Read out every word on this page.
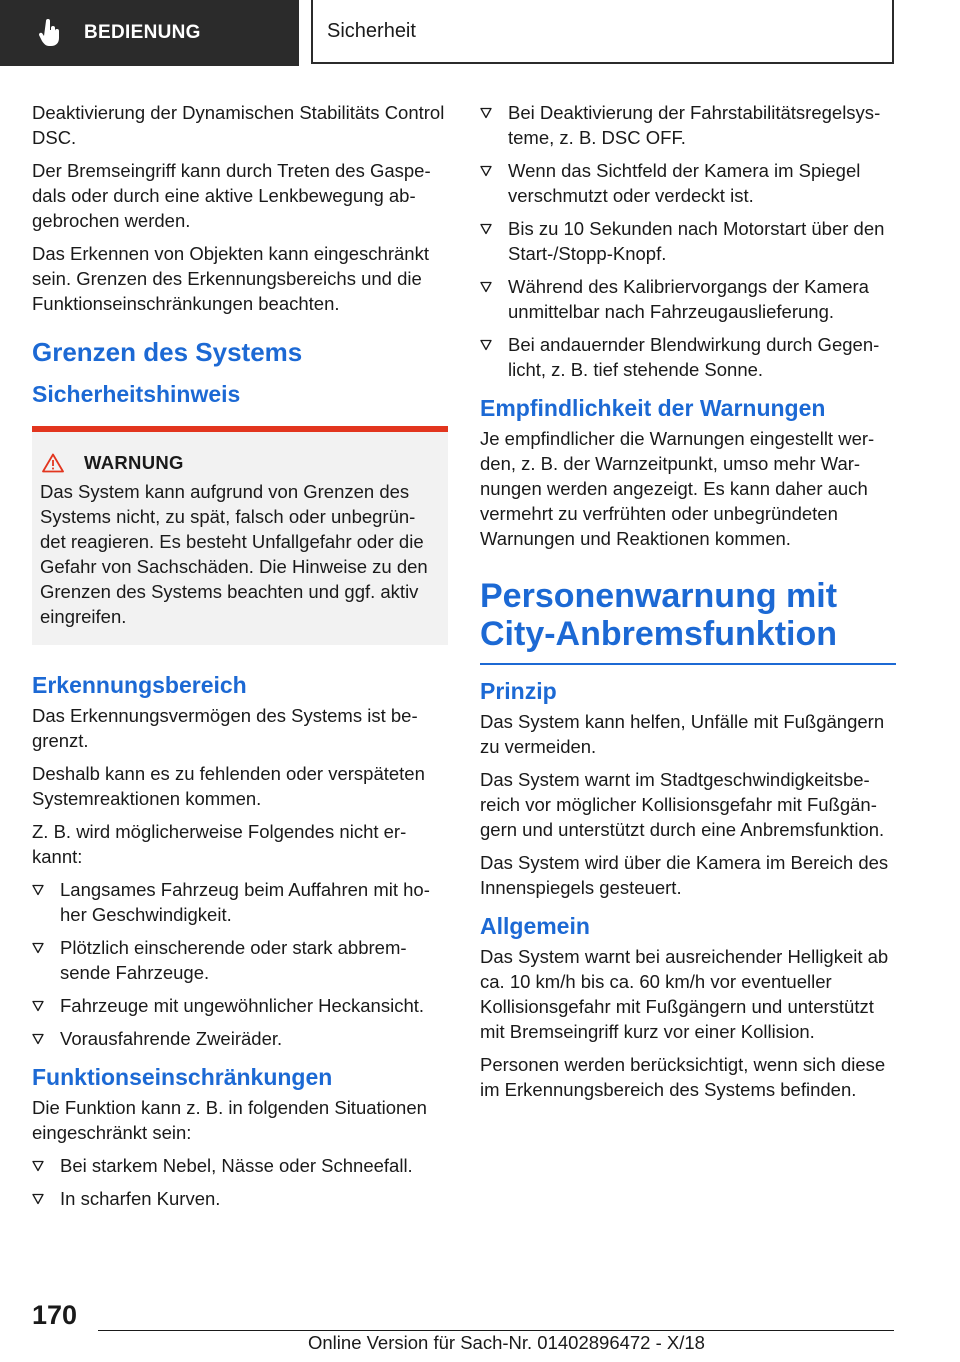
BEDIENUNG	Sicherheit

Deaktivierung der Dynamischen Stabilitäts Control DSC.

Der Bremseingriff kann durch Treten des Gaspedals oder durch eine aktive Lenkbewegung abgebrochen werden.

Das Erkennen von Objekten kann eingeschränkt sein. Grenzen des Erkennungsbereichs und die Funktionseinschränkungen beachten.

Grenzen des Systems
Sicherheitshinweis
WARNUNG

Das System kann aufgrund von Grenzen des Systems nicht, zu spät, falsch oder unbegründet reagieren. Es besteht Unfallgefahr oder die Gefahr von Sachschäden. Die Hinweise zu den Grenzen des Systems beachten und ggf. aktiv eingreifen.

Erkennungsbereich

Das Erkennungsvermögen des Systems ist begrenzt.

Deshalb kann es zu fehlenden oder verspäteten Systemreaktionen kommen.

Z. B. wird möglicherweise Folgendes nicht erkannt:

Langsames Fahrzeug beim Auffahren mit hoher Geschwindigkeit.
Plötzlich einscherende oder stark abbremsende Fahrzeuge.
Fahrzeuge mit ungewöhnlicher Heckansicht.
Vorausfahrende Zweiräder.
Funktionseinschränkungen

Die Funktion kann z. B. in folgenden Situationen eingeschränkt sein:

Bei starkem Nebel, Nässe oder Schneefall.
In scharfen Kurven.
Bei Deaktivierung der Fahrstabilitätsregelsysteme, z. B. DSC OFF.
Wenn das Sichtfeld der Kamera im Spiegel verschmutzt oder verdeckt ist.
Bis zu 10 Sekunden nach Motorstart über den Start-/Stopp-Knopf.
Während des Kalibriervorgangs der Kamera unmittelbar nach Fahrzeugauslieferung.
Bei andauernder Blendwirkung durch Gegenlicht, z. B. tief stehende Sonne.
Empfindlichkeit der Warnungen

Je empfindlicher die Warnungen eingestellt werden, z. B. der Warnzeitpunkt, umso mehr Warnungen werden angezeigt. Es kann daher auch vermehrt zu verfrühten oder unbegründeten Warnungen und Reaktionen kommen.

Personenwarnung mit City-Anbremsfunktion
Prinzip

Das System kann helfen, Unfälle mit Fußgängern zu vermeiden.

Das System warnt im Stadtgeschwindigkeitsbereich vor möglicher Kollisionsgefahr mit Fußgängern und unterstützt durch eine Anbremsfunktion.

Das System wird über die Kamera im Bereich des Innenspiegels gesteuert.

Allgemein

Das System warnt bei ausreichender Helligkeit ab ca. 10 km/h bis ca. 60 km/h vor eventueller Kollisionsgefahr mit Fußgängern und unterstützt mit Bremseingriff kurz vor einer Kollision.

Personen werden berücksichtigt, wenn sich diese im Erkennungsbereich des Systems befinden.

170
Online Version für Sach-Nr. 01402896472 - X/18
